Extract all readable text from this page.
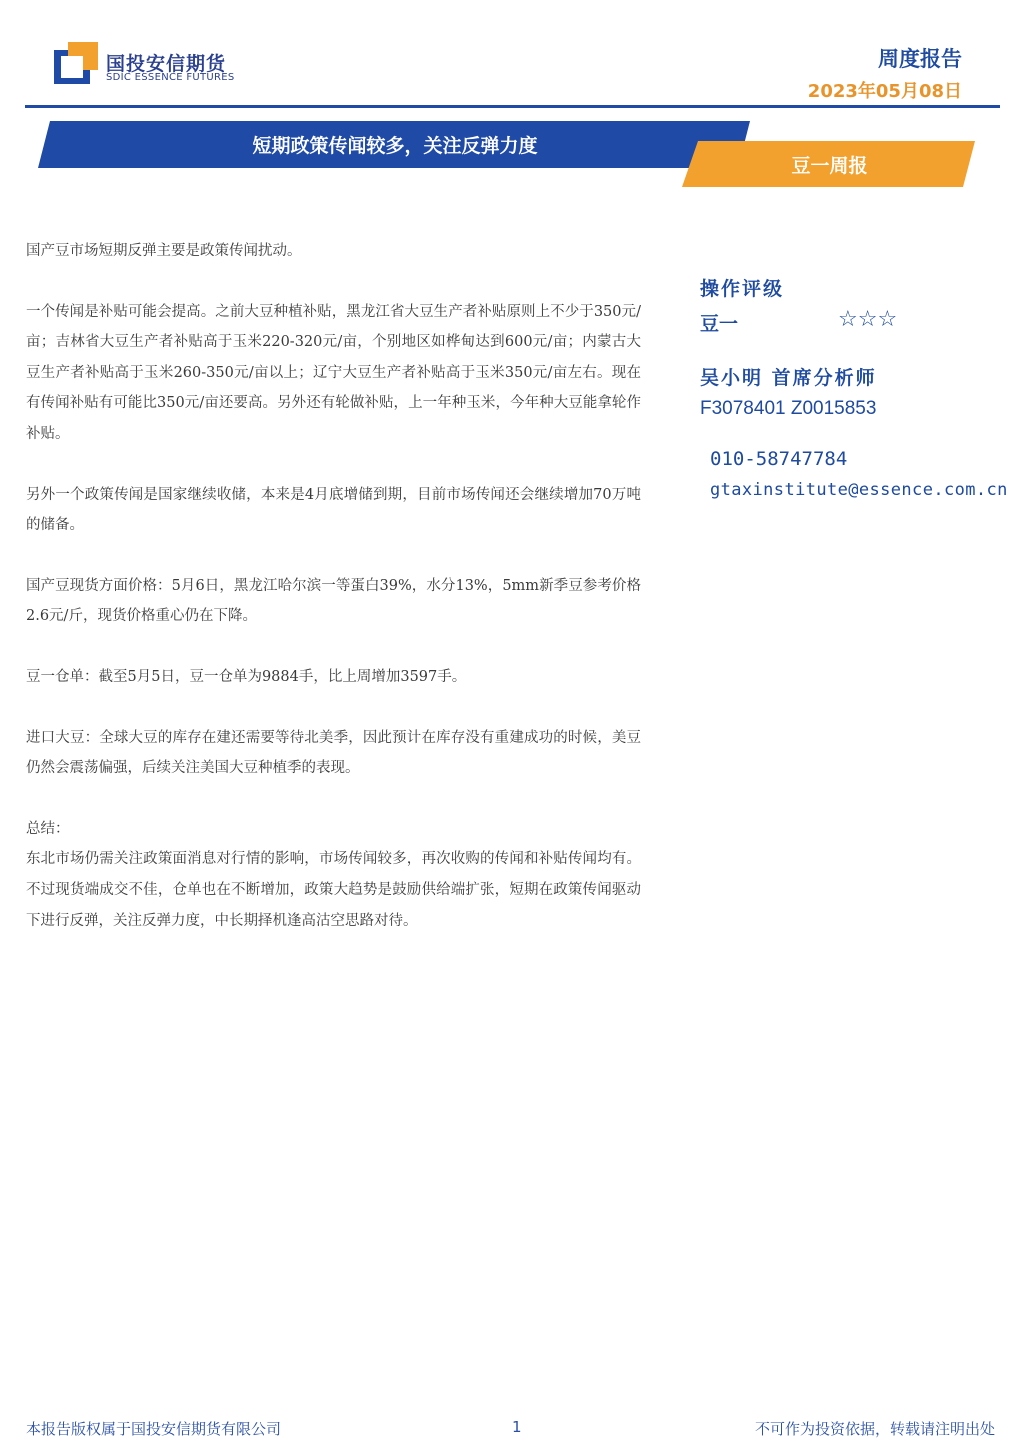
国投安信期货
SDIC ESSENCE FUTURES
周度报告
2023年05月08日
短期政策传闻较多，关注反弹力度
豆一周报

国产豆市场短期反弹主要是政策传闻扰动。

一个传闻是补贴可能会提高。之前大豆种植补贴，黑龙江省大豆生产者补贴原则上不少于350元/亩；吉林省大豆生产者补贴高于玉米220-320元/亩，个别地区如桦甸达到600元/亩；内蒙古大豆生产者补贴高于玉米260-350元/亩以上；辽宁大豆生产者补贴高于玉米350元/亩左右。现在有传闻补贴有可能比350元/亩还要高。另外还有轮做补贴，上一年种玉米，今年种大豆能拿轮作补贴。

另外一个政策传闻是国家继续收储，本来是4月底增储到期，目前市场传闻还会继续增加70万吨的储备。

国产豆现货方面价格：5月6日，黑龙江哈尔滨一等蛋白39%，水分13%，5mm新季豆参考价格2.6元/斤，现货价格重心仍在下降。

豆一仓单：截至5月5日，豆一仓单为9884手，比上周增加3597手。

进口大豆：全球大豆的库存在建还需要等待北美季，因此预计在库存没有重建成功的时候，美豆仍然会震荡偏强，后续关注美国大豆种植季的表现。

总结：

东北市场仍需关注政策面消息对行情的影响，市场传闻较多，再次收购的传闻和补贴传闻均有。不过现货端成交不佳，仓单也在不断增加，政策大趋势是鼓励供给端扩张，短期在政策传闻驱动下进行反弹，关注反弹力度，中长期择机逢高沽空思路对待。

操作评级
豆一	☆☆☆
吴小明 首席分析师
F3078401 Z0015853
010-58747784
gtaxinstitute@essence.com.cn
本报告版权属于国投安信期货有限公司	1	不可作为投资依据，转载请注明出处
